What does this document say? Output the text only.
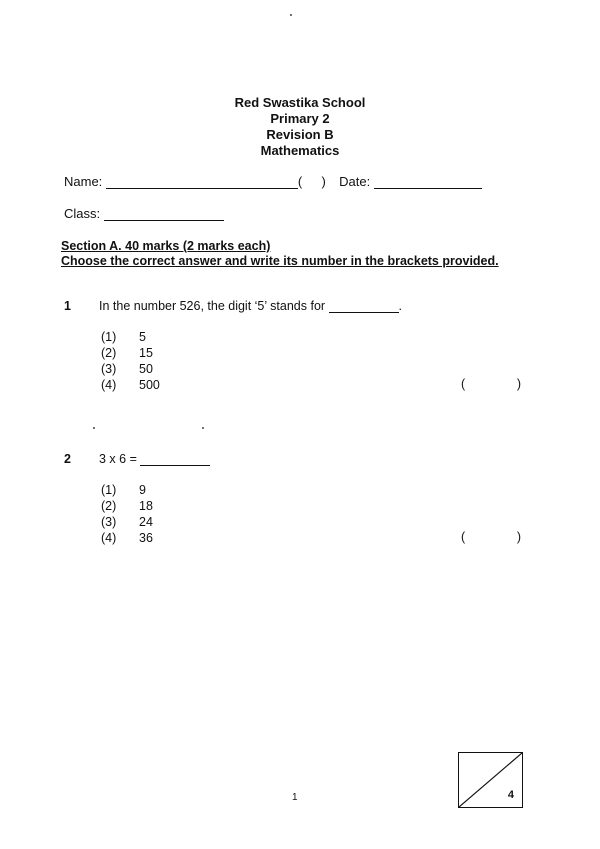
Red Swastika School
Primary 2
Revision B
Mathematics
Name:	( ) Date:
Class:
Section A. 40 marks (2 marks each)
Choose the correct answer and write its number in the brackets provided.
1 In the number 526, the digit ‘5’ stands for	.
(1)	5
(2)	15
(3)	50
(4)	500	(	)
2 3 x 6 =
(1)	9
(2)	18
(3)	24
(4)	36	(	)
1	4
